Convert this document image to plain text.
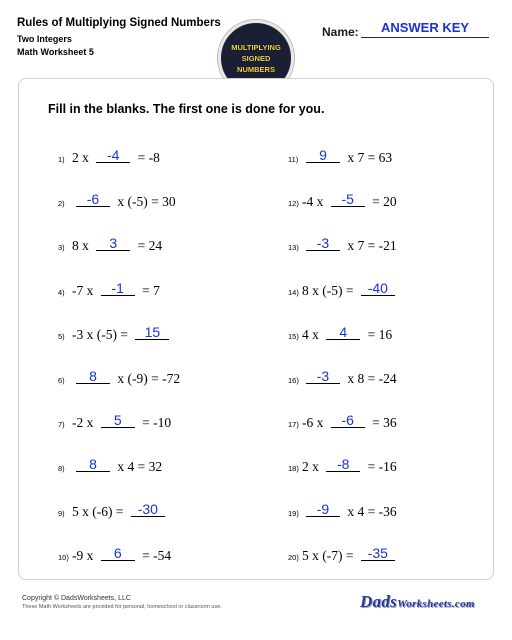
Rules of Multiplying Signed Numbers
Two Integers
Math Worksheet 5	MULTIPLYING SIGNED NUMBERS
Name:	ANSWER KEY
Fill in the blanks. The first one is done for you.
1) 2 x	-4	= -8
2)	-6	x (-5) = 30
3) 8 x	3	= 24
4) -7 x	-1	= 7
5) -3 x (-5) = 15
6)	8	x (-9) = -72
7) -2 x	5	= -10
8)	8	x 4 = 32
9) 5 x (-6) = -30
10) -9 x	6	= -54
11)	9	x 7 = 63
12) -4 x	-5	= 20
13)	-3	x 7 = -21
14) 8 x (-5) = -40
15) 4 x	4	= 16
16)	-3	x 8 = -24
17) -6 x	-6	= 36
18) 2 x	-8	= -16
19)	-9	x 4 = -36
20) 5 x (-7) = -35
Copyright © DadsWorksheets, LLC
These Math Worksheets are provided for personal, homeschool or classroom use.	DadsWorksheets.com
